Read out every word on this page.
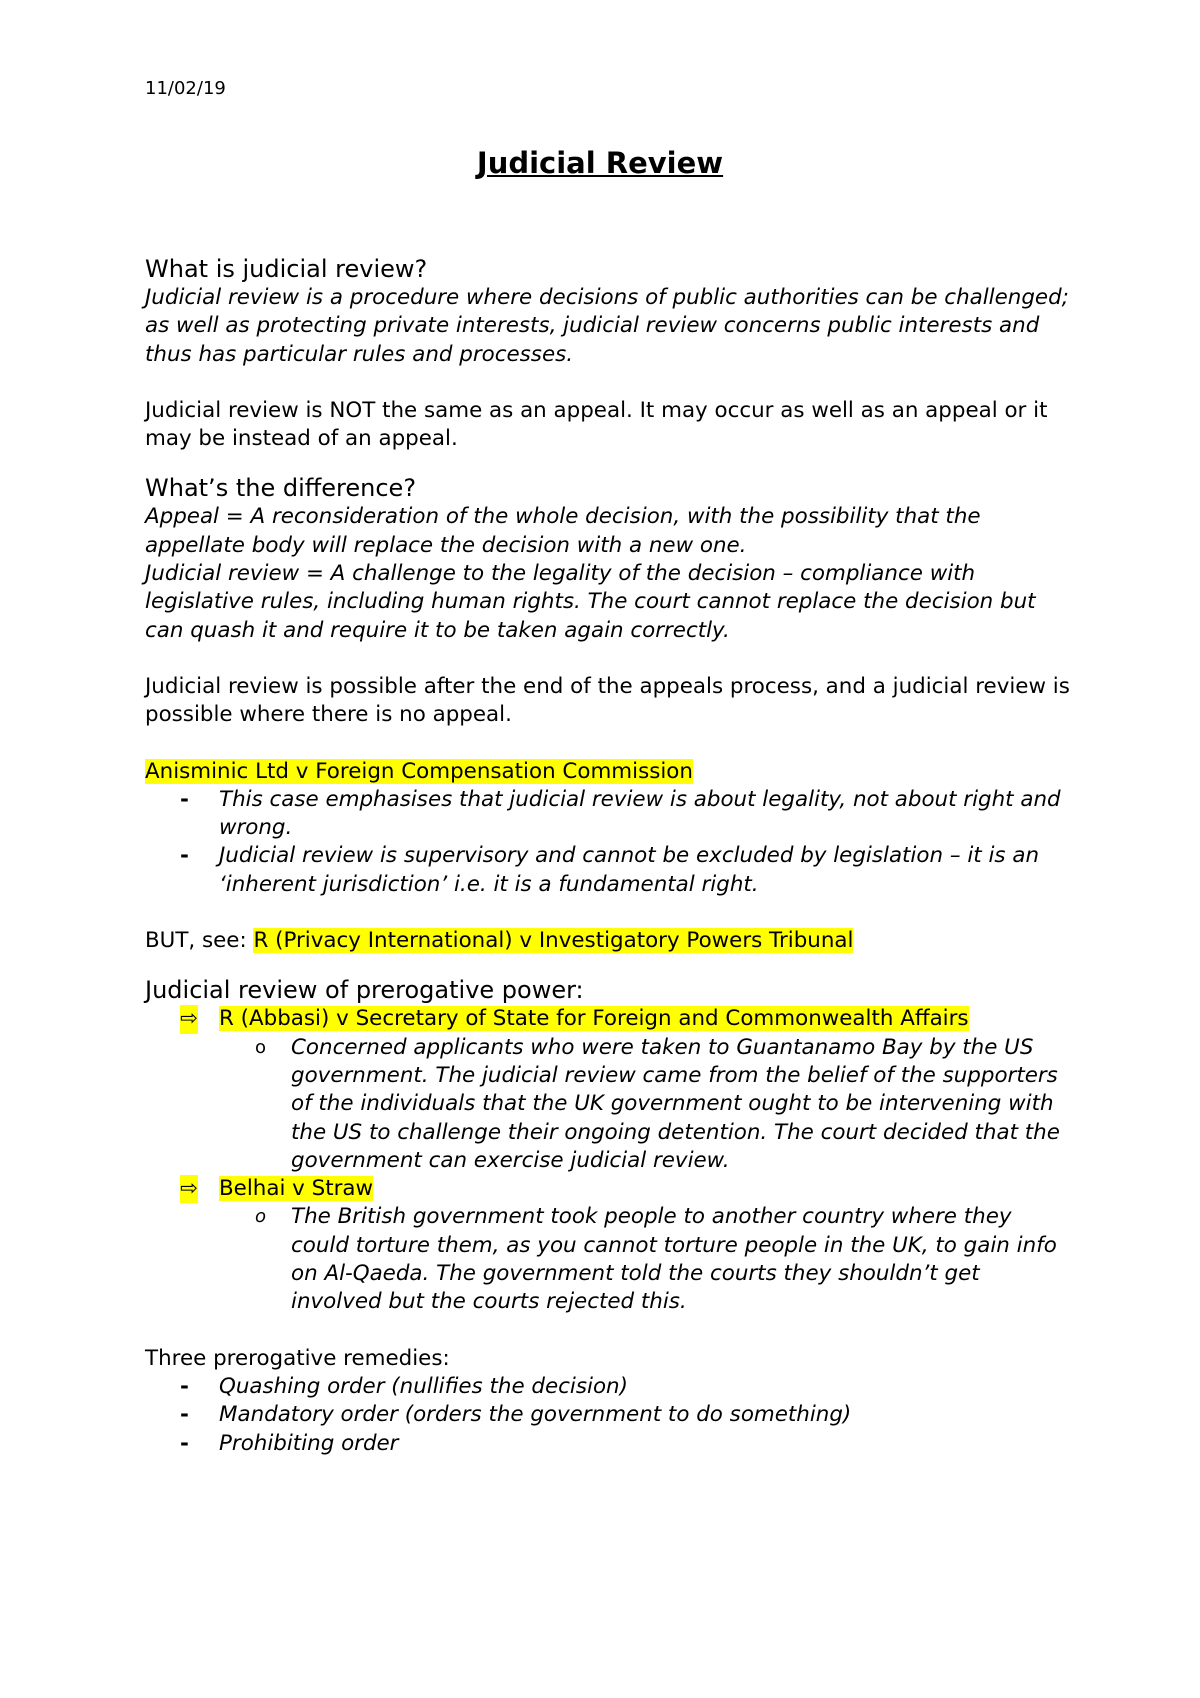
11/02/19
Judicial Review

What is judicial review?

Judicial review is a procedure where decisions of public authorities can be challenged; as well as protecting private interests, judicial review concerns public interests and thus has particular rules and processes.

Judicial review is NOT the same as an appeal. It may occur as well as an appeal or it may be instead of an appeal.

What’s the difference?

Appeal = A reconsideration of the whole decision, with the possibility that the appellate body will replace the decision with a new one.

Judicial review = A challenge to the legality of the decision – compliance with legislative rules, including human rights. The court cannot replace the decision but can quash it and require it to be taken again correctly.

Judicial review is possible after the end of the appeals process, and a judicial review is possible where there is no appeal.

Anisminic Ltd v Foreign Compensation Commission

- This case emphasises that judicial review is about legality, not about right and wrong.
- Judicial review is supervisory and cannot be excluded by legislation – it is an ‘inherent jurisdiction’ i.e. it is a fundamental right.

BUT, see: R (Privacy International) v Investigatory Powers Tribunal

Judicial review of prerogative power:

⇨ R (Abbasi) v Secretary of State for Foreign and Commonwealth Affairs
o Concerned applicants who were taken to Guantanamo Bay by the US government. The judicial review came from the belief of the supporters of the individuals that the UK government ought to be intervening with the US to challenge their ongoing detention. The court decided that the government can exercise judicial review.
⇨ Belhai v Straw
o The British government took people to another country where they could torture them, as you cannot torture people in the UK, to gain info on Al-Qaeda. The government told the courts they shouldn’t get involved but the courts rejected this.

Three prerogative remedies:

- Quashing order (nullifies the decision)
- Mandatory order (orders the government to do something)
- Prohibiting order
